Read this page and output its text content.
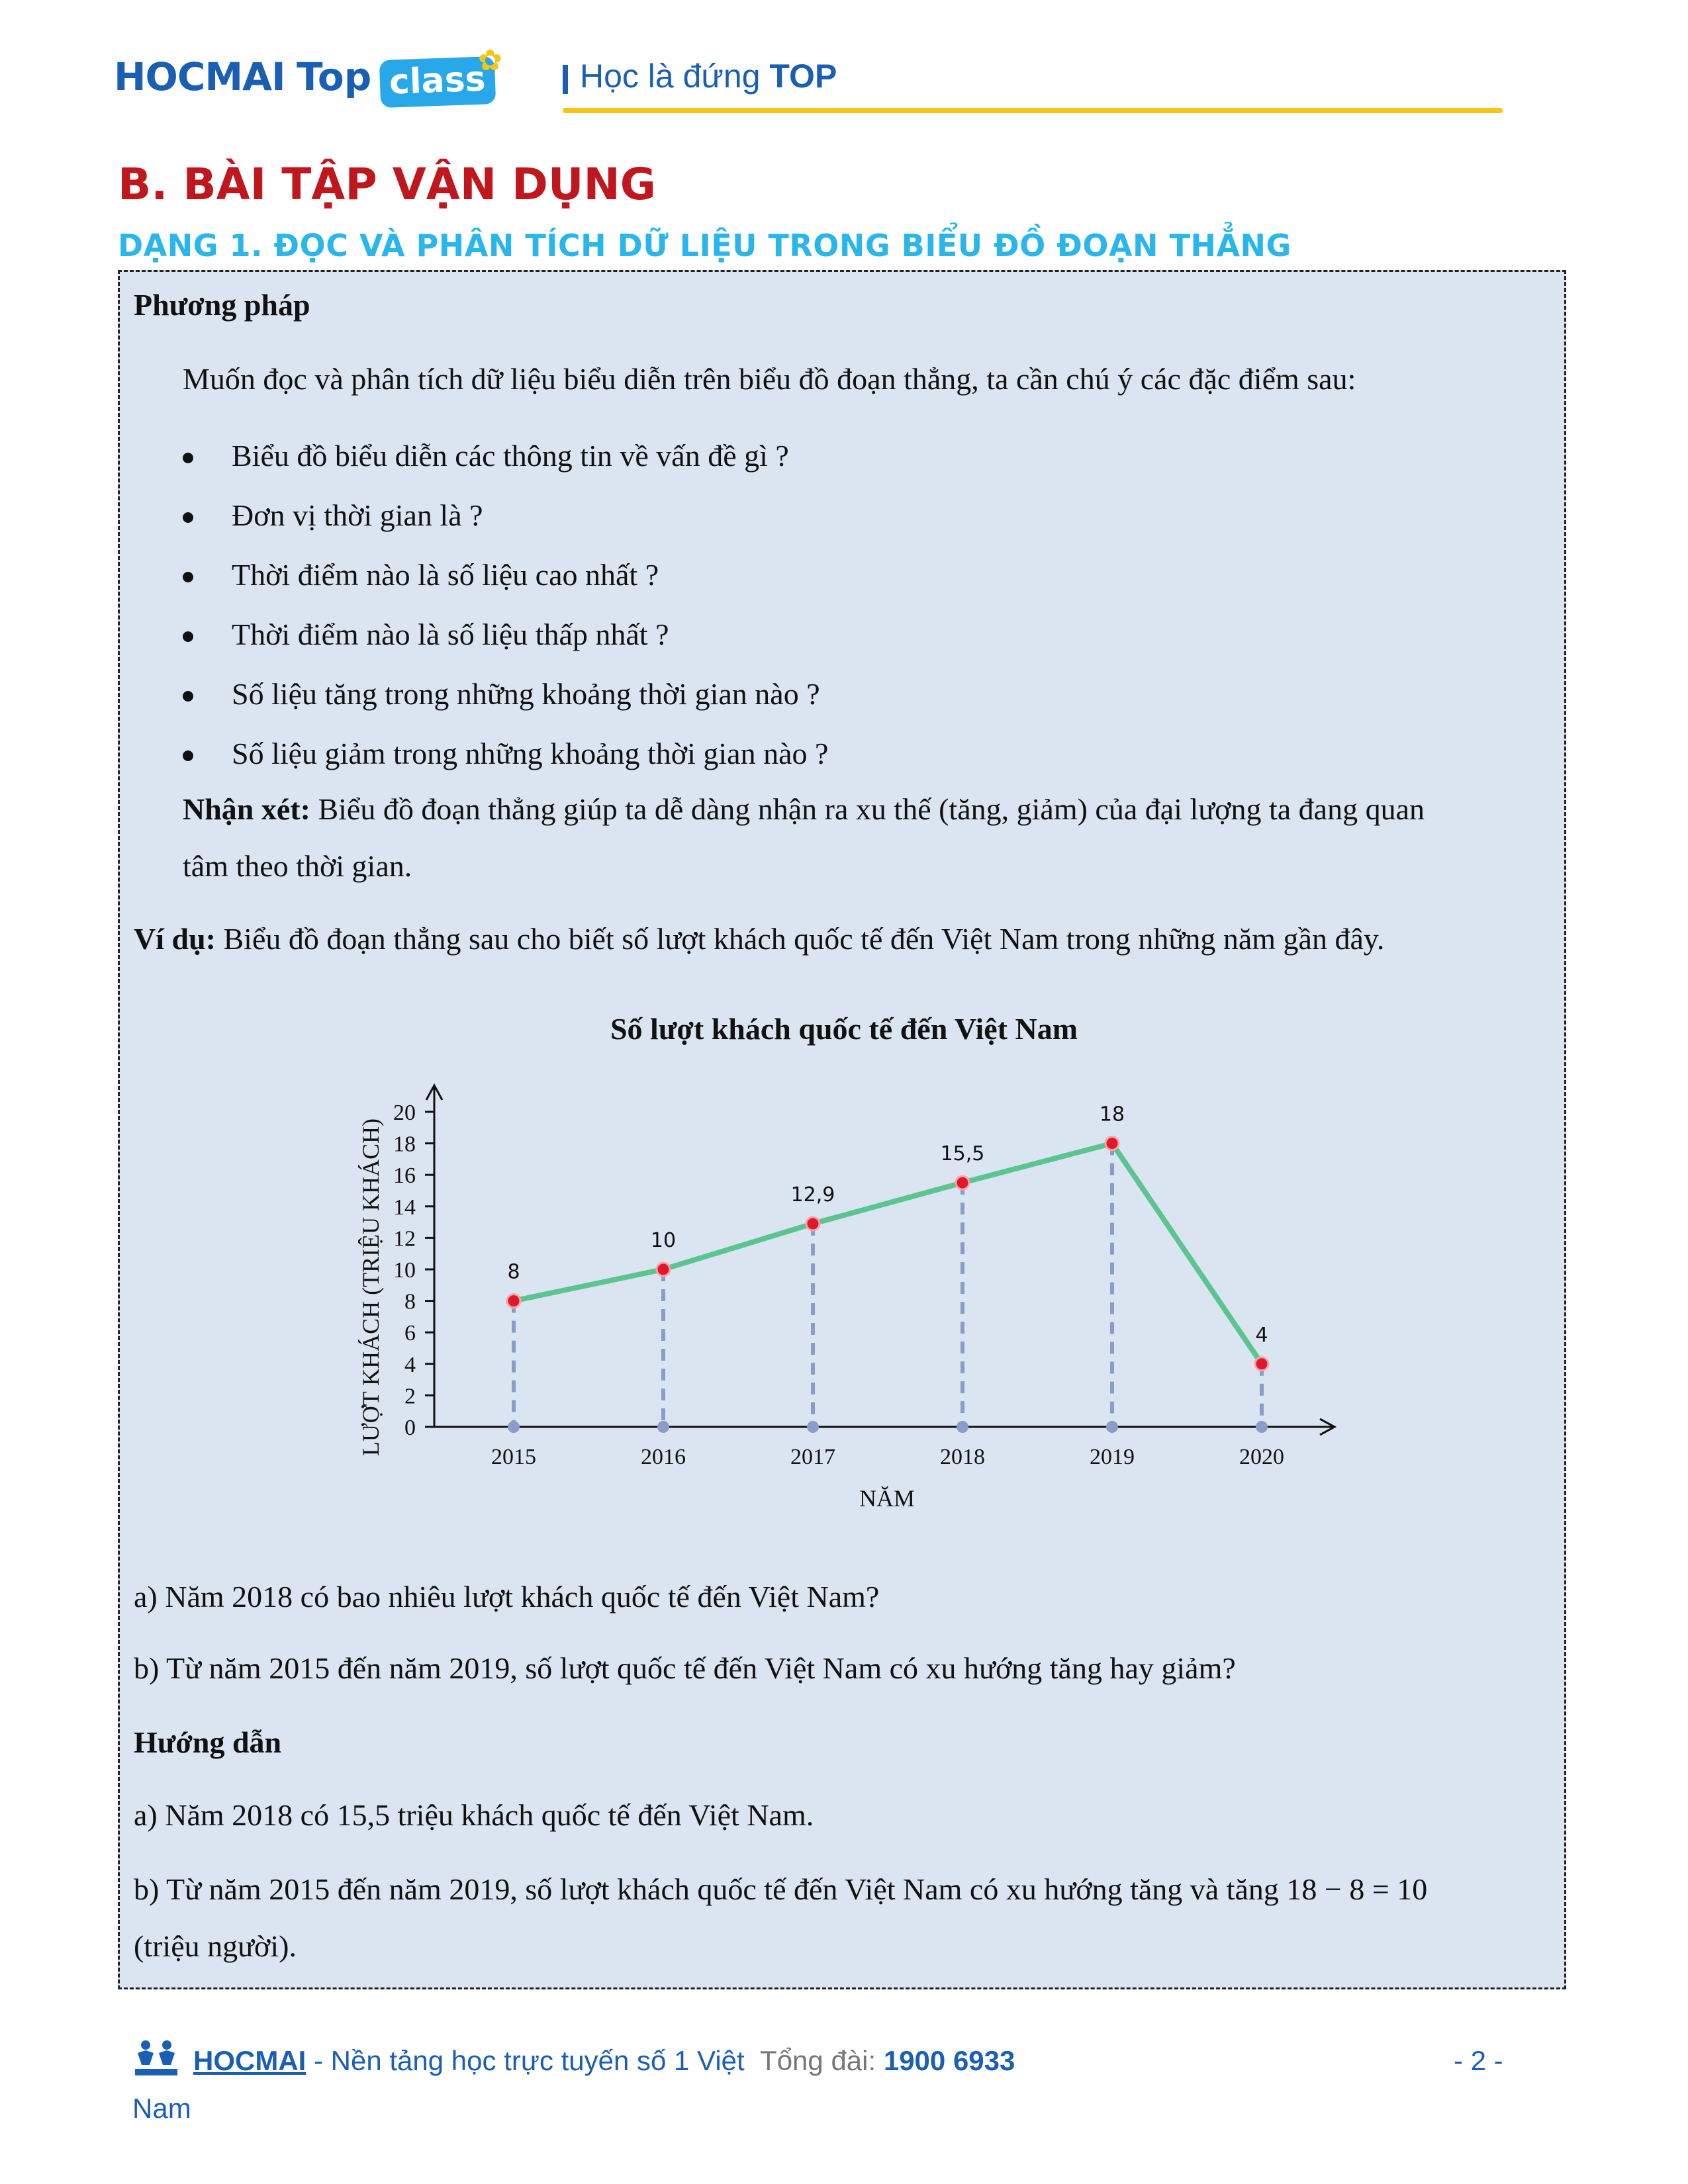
HOCMAI Top class
✿ Học là đứng TOP
B. BÀI TẬP VẬN DỤNG
DẠNG 1. ĐỌC VÀ PHÂN TÍCH DỮ LIỆU TRONG BIỂU ĐỒ ĐOẠN THẲNG
Phương pháp
Muốn đọc và phân tích dữ liệu biểu diễn trên biểu đồ đoạn thẳng, ta cần chú ý các đặc điểm sau:
Biểu đồ biểu diễn các thông tin về vấn đề gì ?
Đơn vị thời gian là ?
Thời điểm nào là số liệu cao nhất ?
Thời điểm nào là số liệu thấp nhất ?
Số liệu tăng trong những khoảng thời gian nào ?
Số liệu giảm trong những khoảng thời gian nào ?
Nhận xét: Biểu đồ đoạn thẳng giúp ta dễ dàng nhận ra xu thế (tăng, giảm) của đại lượng ta đang quan
tâm theo thời gian.
Ví dụ: Biểu đồ đoạn thẳng sau cho biết số lượt khách quốc tế đến Việt Nam trong những năm gần đây.
Số lượt khách quốc tế đến Việt Nam
LƯỢT KHÁCH (TRIỆU KHÁCH)
NĂM
0
2
4
6
8
10
12
14
16
18
20
2015	2016	2017	2018	2019	2020
8
10
12,9
15,5
18
4
a) Năm 2018 có bao nhiêu lượt khách quốc tế đến Việt Nam?
b) Từ năm 2015 đến năm 2019, số lượt quốc tế đến Việt Nam có xu hướng tăng hay giảm?
Hướng dẫn
a) Năm 2018 có 15,5 triệu khách quốc tế đến Việt Nam.
b) Từ năm 2015 đến năm 2019, số lượt khách quốc tế đến Việt Nam có xu hướng tăng và tăng 18 − 8 = 10
(triệu người).
HOCMAI - Nền tảng học trực tuyến số 1 Việt Tổng đài: 1900 6933	- 2 -
Nam
